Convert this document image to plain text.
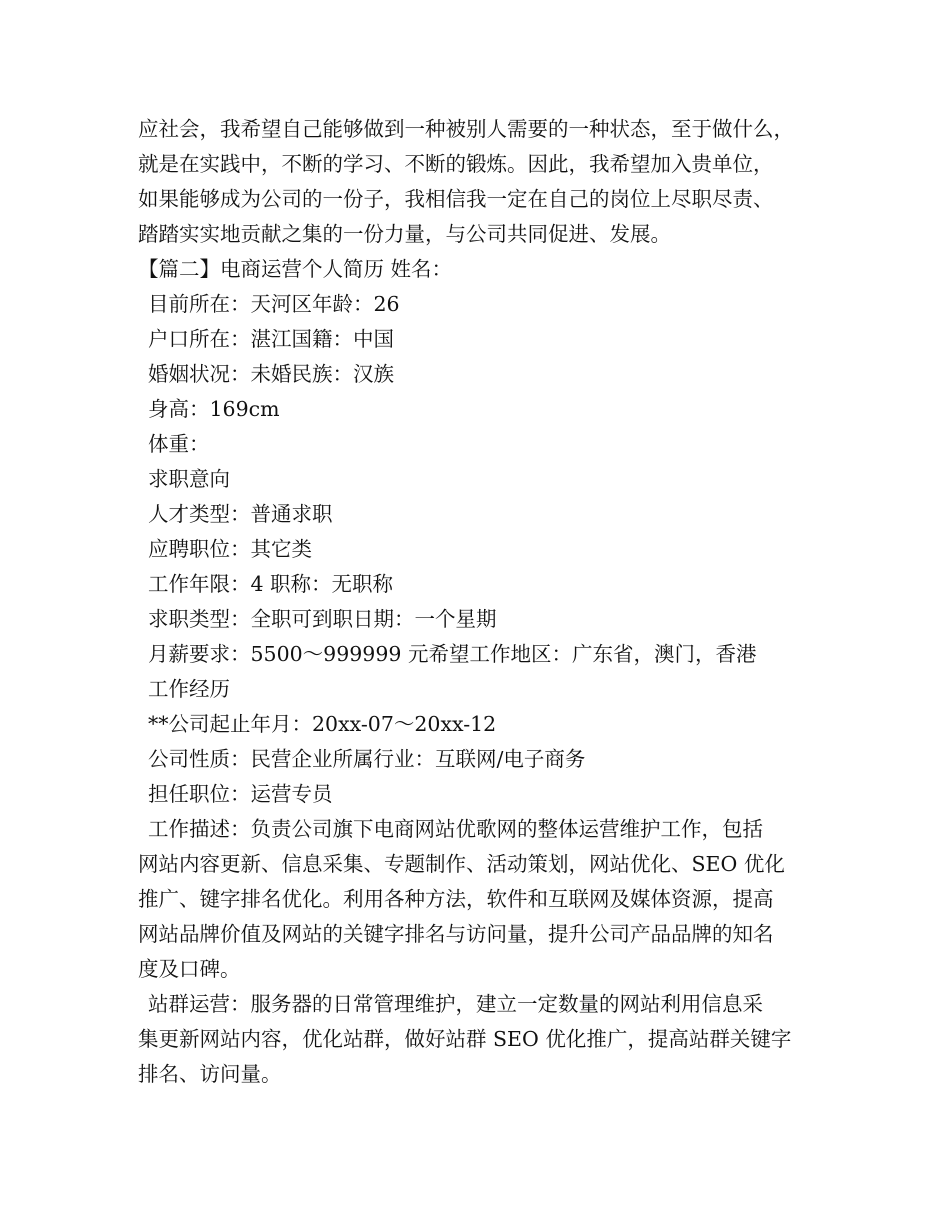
应社会，我希望自己能够做到一种被别人需要的一种状态，至于做什么，
就是在实践中，不断的学习、不断的锻炼。因此，我希望加入贵单位，
如果能够成为公司的一份子，我相信我一定在自己的岗位上尽职尽责、
踏踏实实地贡献之集的一份力量，与公司共同促进、发展。
【篇二】电商运营个人简历 姓名：
目前所在：天河区年龄：26
户口所在：湛江国籍：中国
婚姻状况：未婚民族：汉族
身高：169cm
体重：
求职意向
人才类型：普通求职
应聘职位：其它类
工作年限：4 职称：无职称
求职类型：全职可到职日期：一个星期
月薪要求：5500～999999 元希望工作地区：广东省，澳门，香港
工作经历
**公司起止年月：20xx-07～20xx-12
公司性质：民营企业所属行业：互联网/电子商务
担任职位：运营专员
工作描述：负责公司旗下电商网站优歌网的整体运营维护工作，包括
网站内容更新、信息采集、专题制作、活动策划，网站优化、SEO 优化
推广、键字排名优化。利用各种方法，软件和互联网及媒体资源，提高
网站品牌价值及网站的关键字排名与访问量，提升公司产品品牌的知名
度及口碑。
站群运营：服务器的日常管理维护，建立一定数量的网站利用信息采
集更新网站内容，优化站群，做好站群 SEO 优化推广，提高站群关键字
排名、访问量。
